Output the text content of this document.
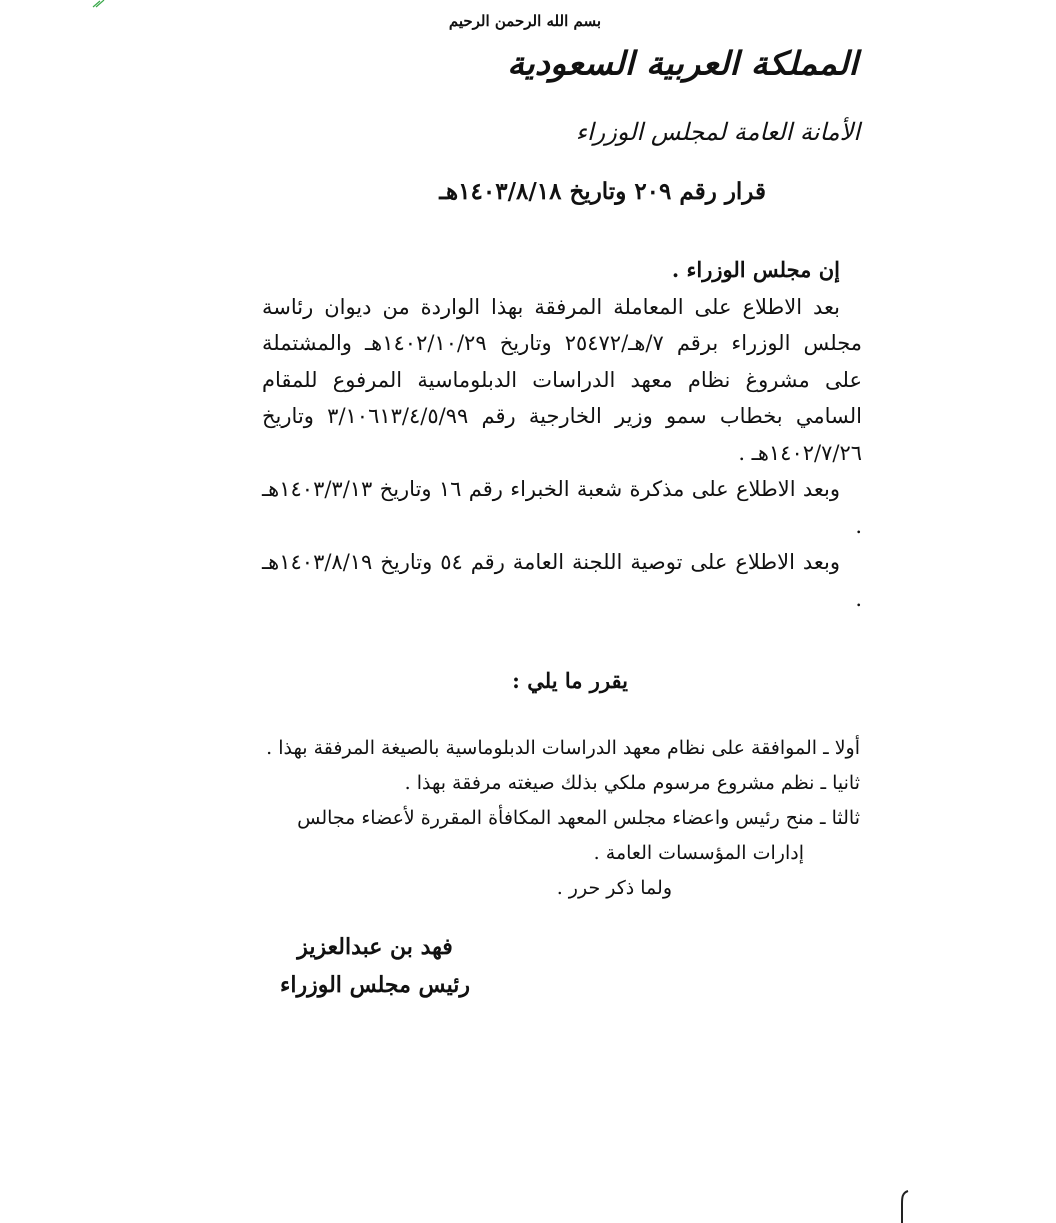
بسم الله الرحمن الرحيم
المملكة العربية السعودية
الأمانة العامة لمجلس الوزراء
قرار رقم ٢٠٩ وتاريخ ١٤٠٣/٨/١٨هـ

إن مجلس الوزراء .

بعد الاطلاع على المعاملة المرفقة بهذا الواردة من ديوان رئاسة مجلس الوزراء برقم ٧/هـ/٢٥٤٧٢ وتاريخ ١٤٠٢/١٠/٢٩هـ والمشتملة على مشروغ نظام معهد الدراسات الدبلوماسية المرفوع للمقام السامي بخطاب سمو وزير الخارجية رقم ٣/١٠٦١٣/٤/٥/٩٩ وتاريخ ١٤٠٢/٧/٢٦هـ .

وبعد الاطلاع على مذكرة شعبة الخبراء رقم ١٦ وتاريخ ١٤٠٣/٣/١٣هـ .

وبعد الاطلاع على توصية اللجنة العامة رقم ٥٤ وتاريخ ١٤٠٣/٨/١٩هـ .

يقرر ما يلي :

أولا ـ الموافقة على نظام معهد الدراسات الدبلوماسية بالصيغة المرفقة بهذا .

ثانيا ـ نظم مشروع مرسوم ملكي بذلك صيغته مرفقة بهذا .

ثالثا ـ منح رئيس واعضاء مجلس المعهد المكافأة المقررة لأعضاء مجالس

إدارات المؤسسات العامة .

ولما ذكر حرر .

فهد بن عبدالعزيز
رئيس مجلس الوزراء
